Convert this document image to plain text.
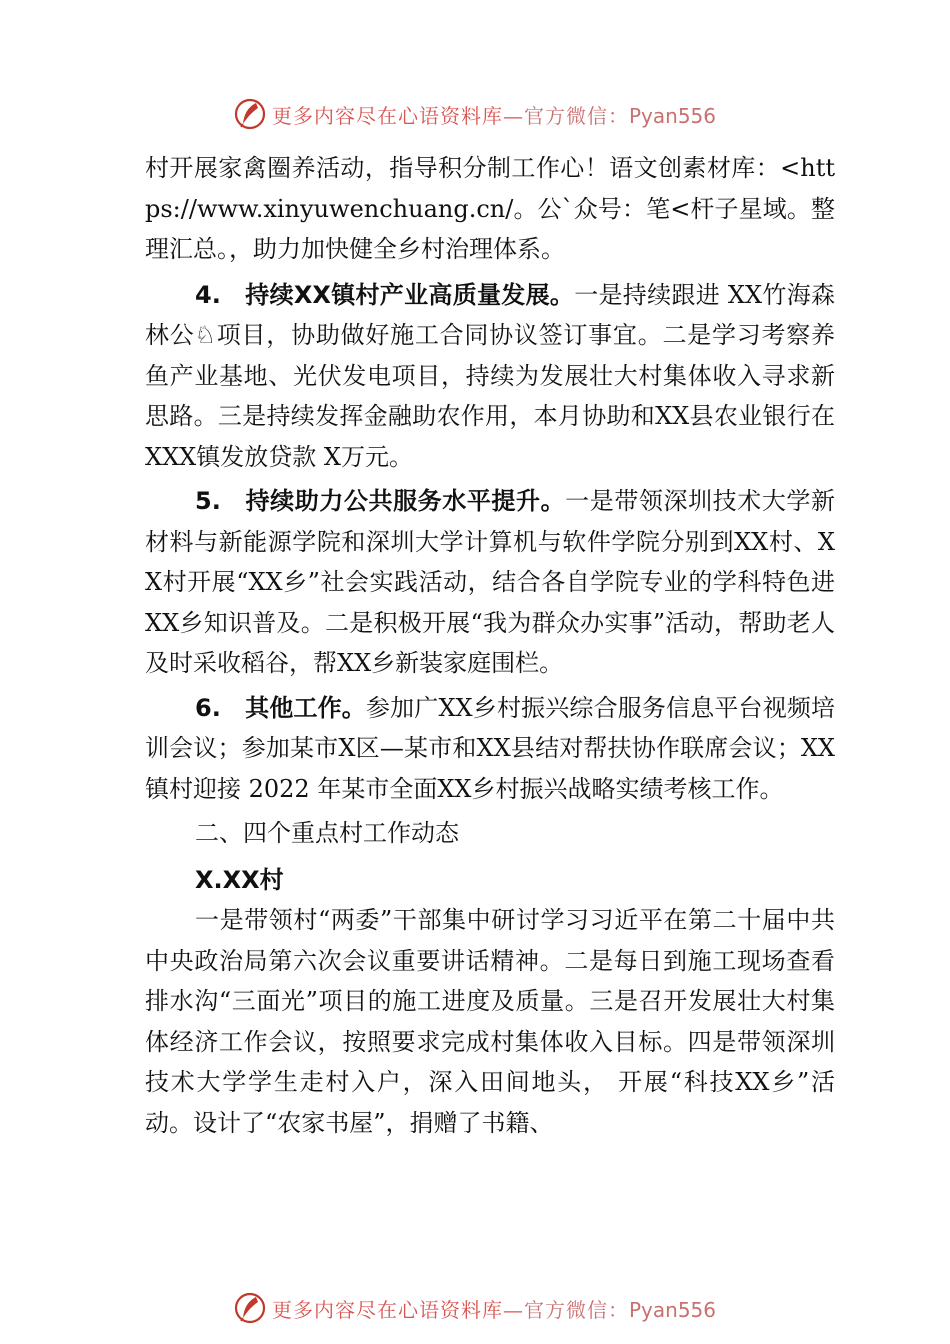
更多内容尽在心语资料库—官方微信：Pyan556

村开展家禽圈养活动，指导积分制工作心！语文创素材库：<https://www.xinyuwenchuang.cn/。公`众号：笔<杆子星域。整理汇总。，助力加快健全乡村治理体系。

4. 持续XX镇村产业高质量发展。一是持续跟进 XX竹海森林公♘项目，协助做好施工合同协议签订事宜。二是学习考察养鱼产业基地、光伏发电项目，持续为发展壮大村集体收入寻求新思路。三是持续发挥金融助农作用，本月协助和XX县农业银行在 XXX镇发放贷款 X万元。

5. 持续助力公共服务水平提升。一是带领深圳技术大学新材料与新能源学院和深圳大学计算机与软件学院分别到XX村、XX村开展“XX乡”社会实践活动，结合各自学院专业的学科特色进XX乡知识普及。二是积极开展“我为群众办实事”活动，帮助老人及时采收稻谷，帮XX乡新装家庭围栏。

6. 其他工作。参加广XX乡村振兴综合服务信息平台视频培训会议；参加某市X区—某市和XX县结对帮扶协作联席会议；XX镇村迎接 2022 年某市全面XX乡村振兴战略实绩考核工作。

二、四个重点村工作动态

X.XX村

一是带领村“两委”干部集中研讨学习习近平在第二十届中共中央政治局第六次会议重要讲话精神。二是每日到施工现场查看排水沟“三面光”项目的施工进度及质量。三是召开发展壮大村集体经济工作会议，按照要求完成村集体收入目标。四是带领深圳技术大学学生走村入户，深入田间地头， 开展“科技XX乡”活动。设计了“农家书屋”，捐赠了书籍、

更多内容尽在心语资料库—官方微信：Pyan556
